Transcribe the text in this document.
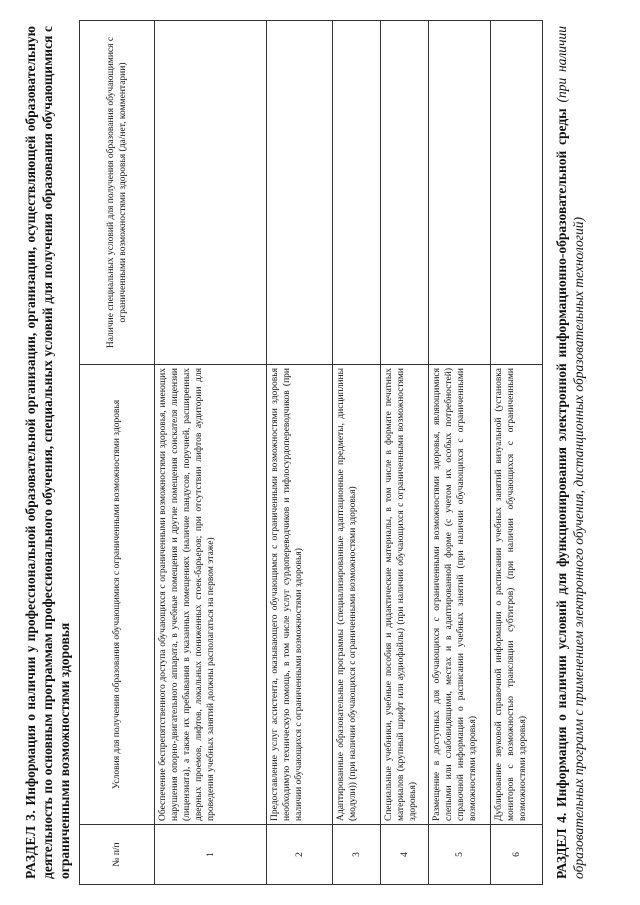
РАЗДЕЛ 3. Информация о наличии у профессиональной образовательной организации, организации, осуществляющей образовательную деятельность по основным программам профессионального обучения, специальных условий для получения образования обучающимися с ограниченными возможностями здоровья	№ п/п	Условия для получения образования обучающимися с ограниченными возможностями здоровья	Наличие специальных условий для получения образования обучающимися с ограниченными возможностями здоровья (да/нет, комментарии)
1	Обеспечение беспрепятственного доступа обучающихся с ограниченными возможностями здоровья, имеющих нарушения опорно-двигательного аппарата, в учебные помещения и другие помещения соискателя лицензии (лицензиата), а также их пребывания в указанных помещениях (наличие пандусов, поручней, расширенных дверных проемов, лифтов, локальных пониженных стоек-барьеров; при отсутствии лифтов аудитории для проведения учебных занятий должны располагаться на первом этаже)	
2	Предоставление услуг ассистента, оказывающего обучающимся с ограниченными возможностями здоровья необходимую техническую помощь, в том числе услуг сурдопереводчиков и тифлосурдопереводчиков (при наличии обучающихся с ограниченными возможностями здоровья)	
3	Адаптированные образовательные программы (специализированные адаптационные предметы, дисциплины (модули)) (при наличии обучающихся с ограниченными возможностями здоровья)	
4	Специальные учебники, учебные пособия и дидактические материалы, в том числе в формате печатных материалов (крупный шрифт или аудиофайлы) (при наличии обучающихся с ограниченными возможностями здоровья)	
5	Размещение в доступных для обучающихся с ограниченными возможностями здоровья, являющимися слепыми или слабовидящими, местах и в адаптированной форме (с учетом их особых потребностей) справочной информации о расписании учебных занятий (при наличии обучающихся с ограниченными возможностями здоровья)	
6	Дублирование звуковой справочной информации о расписании учебных занятий визуальной (установка мониторов с возможностью трансляции субтитров) (при наличии обучающихся с ограниченными возможностями здоровья)	
РАЗДЕЛ 4. Информация о наличии условий для функционирования электронной информационно-образовательной среды (при наличии образовательных программ с применением электронного обучения, дистанционных образовательных технологий)
